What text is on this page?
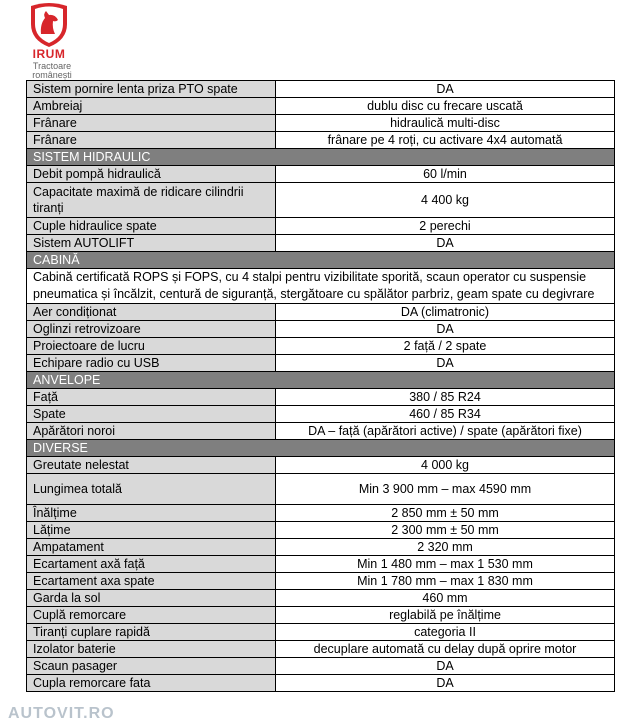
IRUM
Tractoare
românești
Sistem pornire lenta priza PTO spate	DA
Ambreiaj	dublu disc cu frecare uscată
Frânare	hidraulică multi-disc
Frânare	frânare pe 4 roți, cu activare 4x4 automată
SISTEM HIDRAULIC	
Debit pompă hidraulică	60 l/min
Capacitate maximă de ridicare cilindrii tiranți	4 400 kg
Cuple hidraulice spate	2 perechi
Sistem AUTOLIFT	DA
CABINĂ	
Cabină certificată ROPS și FOPS, cu 4 stalpi pentru vizibilitate sporită, scaun operator cu suspensie pneumatica și încălzit, centură de siguranță, stergătoare cu spălător parbriz, geam spate cu degivrare	
Aer condiționat	DA (climatronic)
Oglinzi retrovizoare	DA
Proiectoare de lucru	2 față / 2 spate
Echipare radio cu USB	DA
ANVELOPE	
Față	380 / 85 R24
Spate	460 / 85 R34
Apărători noroi	DA – față (apărători active) / spate (apărători fixe)
DIVERSE	
Greutate nelestat	4 000 kg
Lungimea totală	Min 3 900 mm – max 4590 mm
Înălțime	2 850 mm ± 50 mm
Lățime	2 300 mm ± 50 mm
Ampatament	2 320 mm
Ecartament axă față	Min 1 480 mm – max 1 530 mm
Ecartament axa spate	Min 1 780 mm – max 1 830 mm
Garda la sol	460 mm
Cuplă remorcare	reglabilă pe înălțime
Tiranți cuplare rapidă	categoria II
Izolator baterie	decuplare automată cu delay după oprire motor
Scaun pasager	DA
Cupla remorcare fata	DA
AUTOVIT.RO
